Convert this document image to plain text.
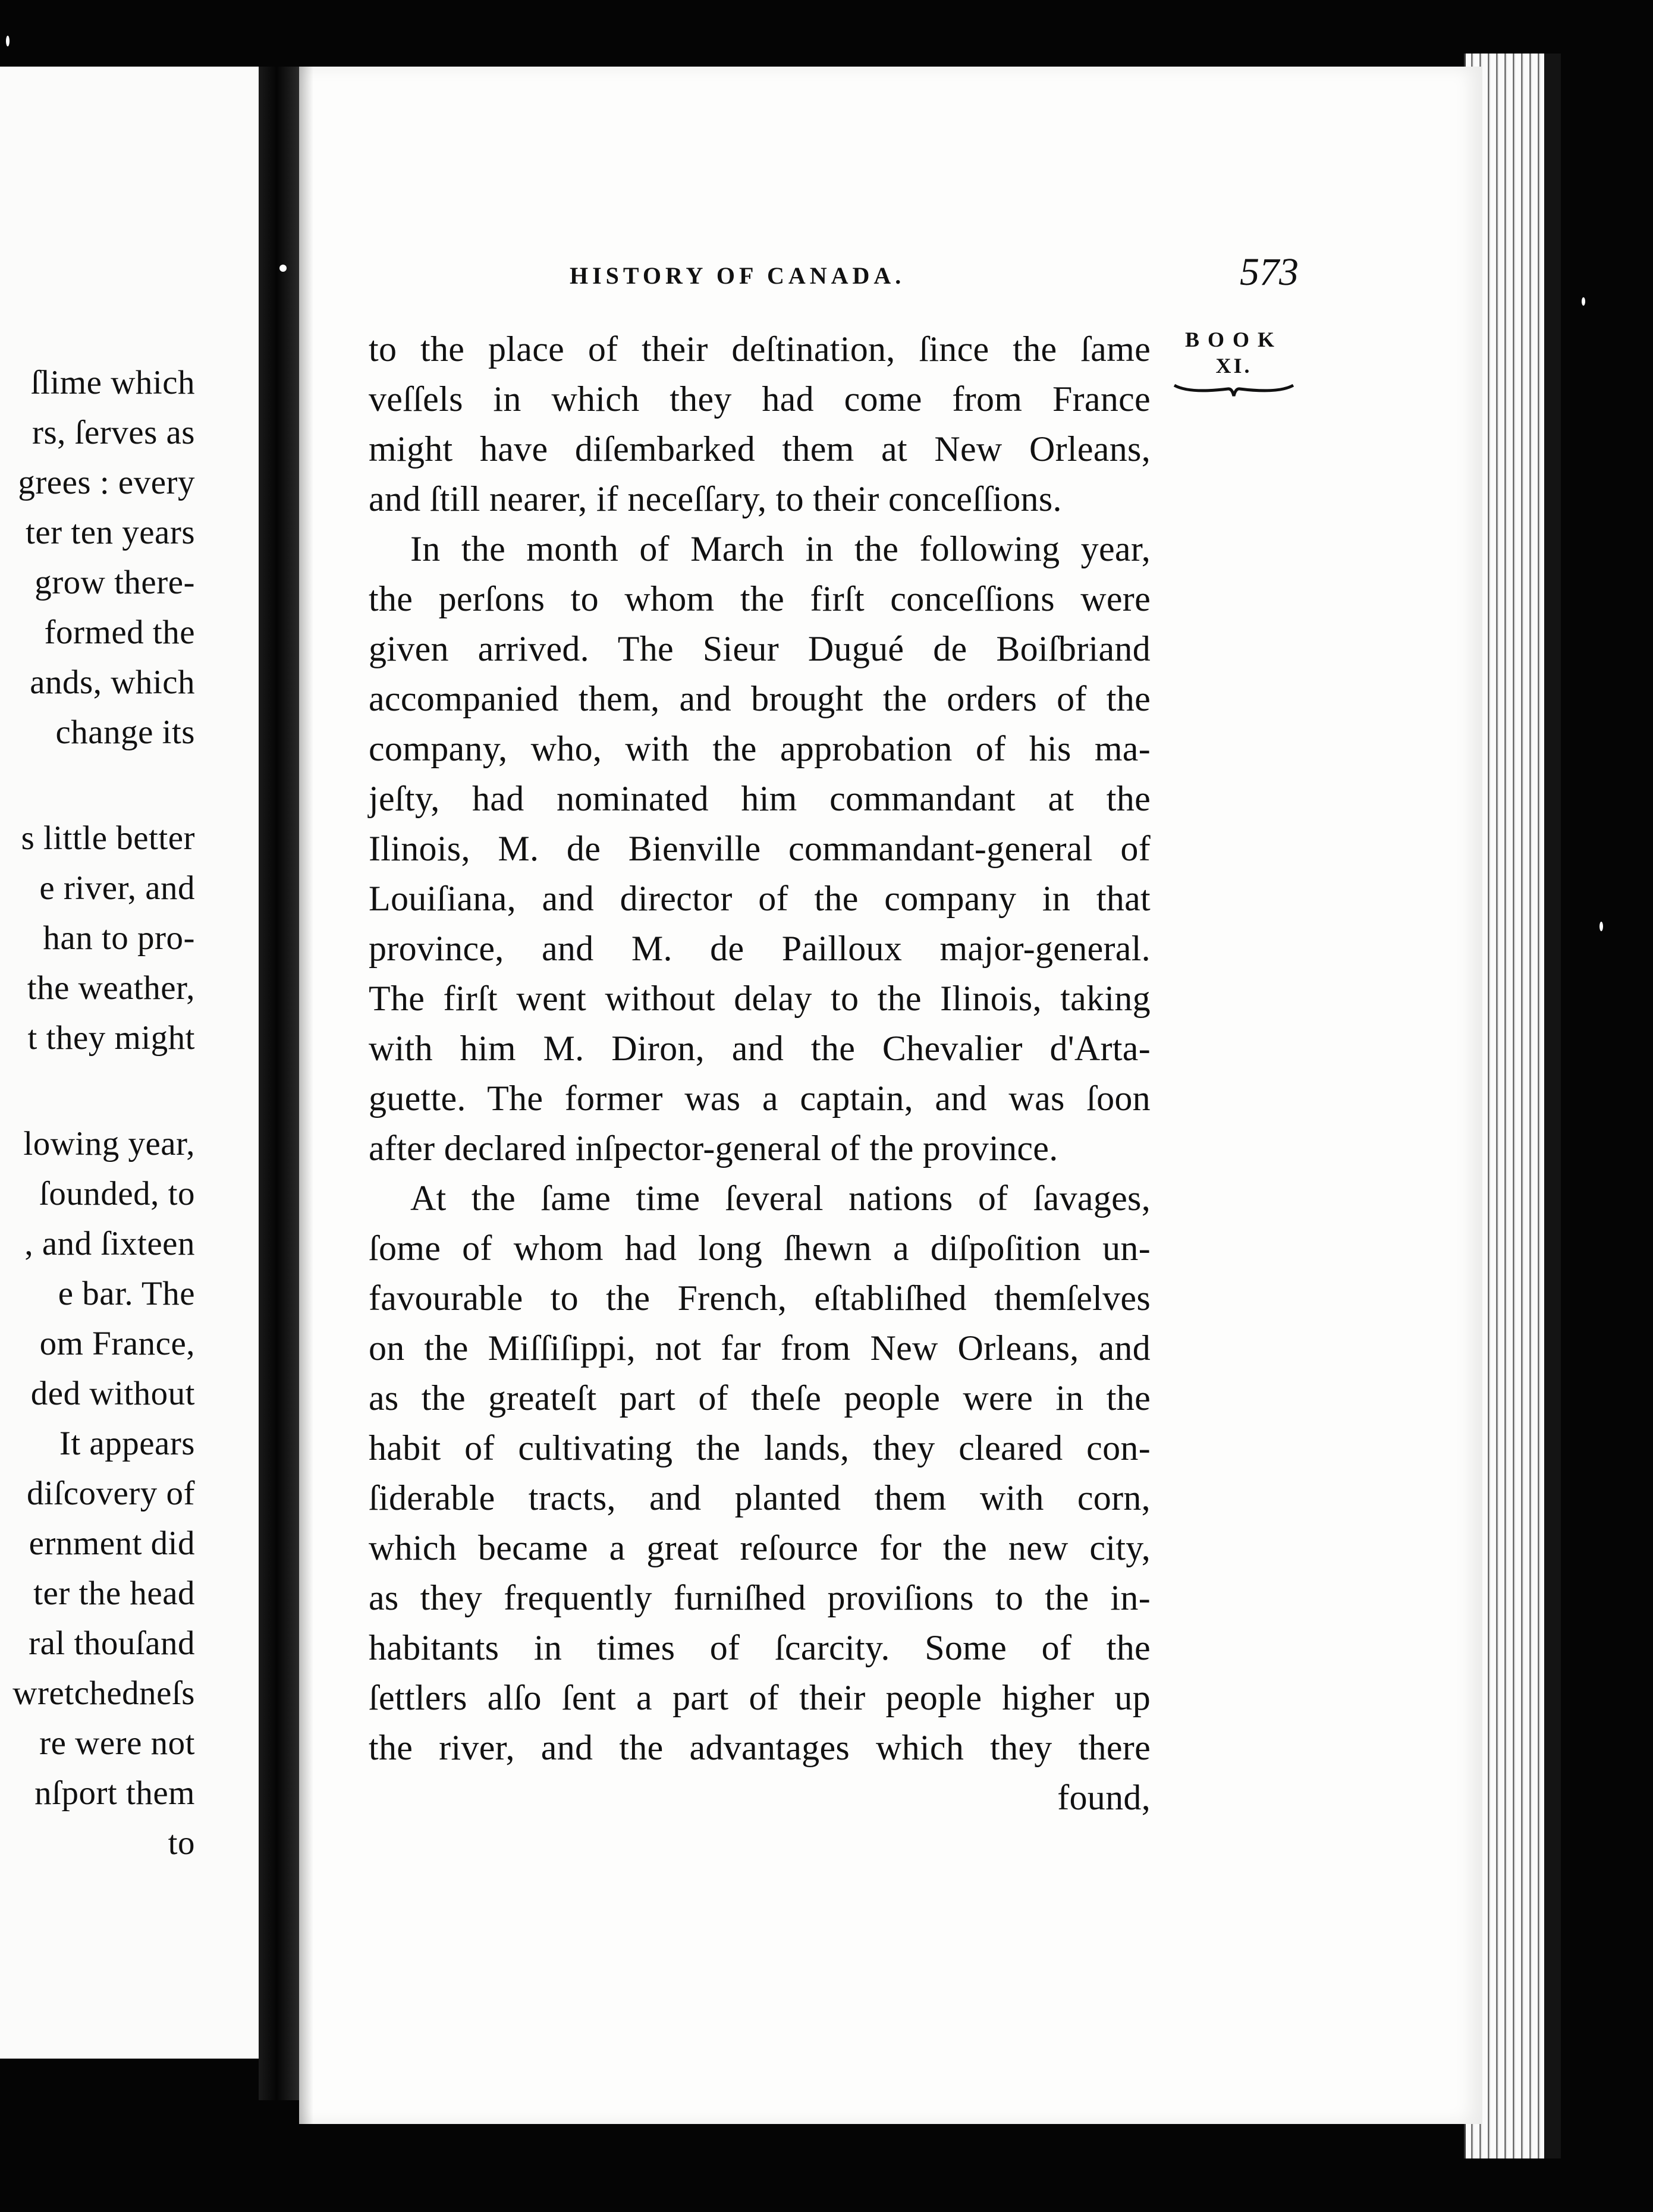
ſlime which
rs, ſerves as
grees : every
ter ten years
grow there-
formed the
ands, which
change its
s little better
e river, and
han to pro-
the weather,
t they might
lowing year,
ſounded, to
, and ſixteen
e bar. The
om France,
ded without
It appears
diſcovery of
ernment did
ter the head
ral thouſand
wretchedneſs
re were not
nſport them
to
HISTORY OF CANADA.	573
BOOK
XI.
to the place of their deſtination, ſince the ſame
veſſels in which they had come from France
might have diſembarked them at New Orleans,
and ſtill nearer, if neceſſary, to their conceſſions.
In the month of March in the following year,
the perſons to whom the firſt conceſſions were
given arrived. The Sieur Dugué de Boiſbriand
accompanied them, and brought the orders of the
company, who, with the approbation of his ma-
jeſty, had nominated him commandant at the
Ilinois, M. de Bienville commandant-general of
Louiſiana, and director of the company in that
province, and M. de Pailloux major-general.
The firſt went without delay to the Ilinois, taking
with him M. Diron, and the Chevalier d'Arta-
guette. The former was a captain, and was ſoon
after declared inſpector-general of the province.
At the ſame time ſeveral nations of ſavages,
ſome of whom had long ſhewn a diſpoſition un-
favourable to the French, eſtabliſhed themſelves
on the Miſſiſippi, not far from New Orleans, and
as the greateſt part of theſe people were in the
habit of cultivating the lands, they cleared con-
ſiderable tracts, and planted them with corn,
which became a great reſource for the new city,
as they frequently furniſhed proviſions to the in-
habitants in times of ſcarcity. Some of the
ſettlers alſo ſent a part of their people higher up
the river, and the advantages which they there
found,
